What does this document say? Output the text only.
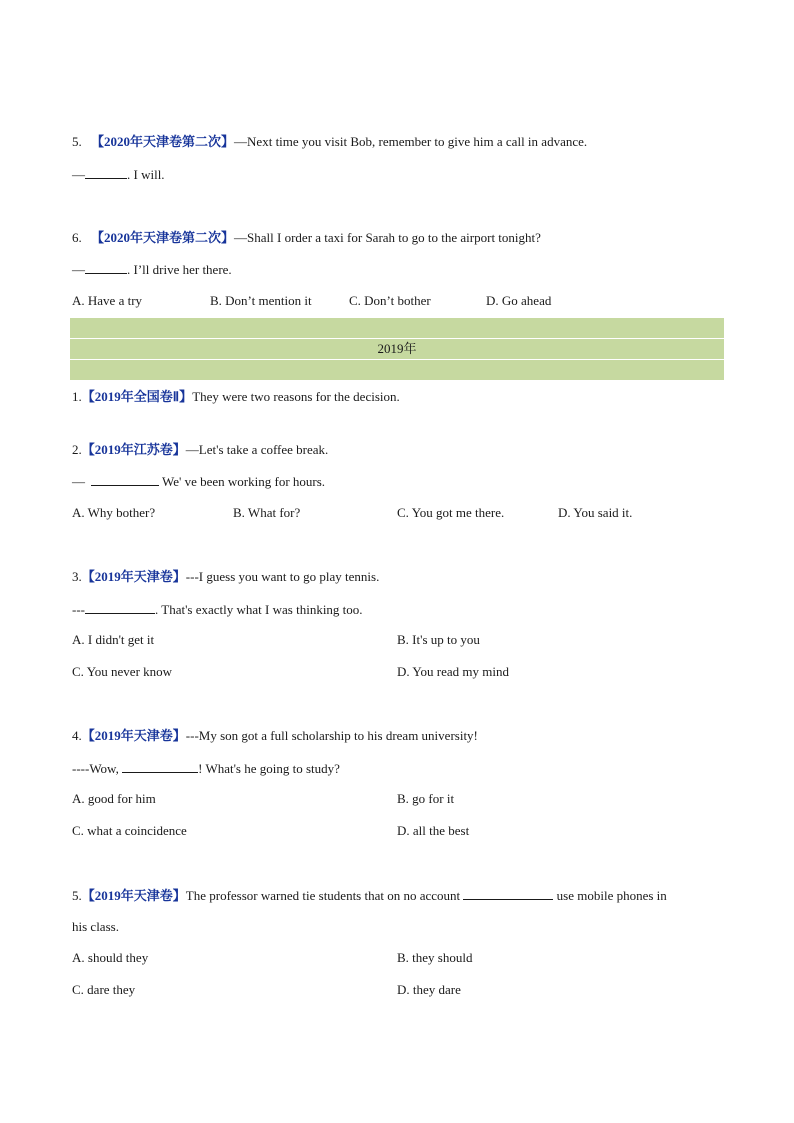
5. 【2020年天津卷第二次】—Next time you visit Bob, remember to give him a call in advance.
—	. I will.
6. 【2020年天津卷第二次】—Shall I order a taxi for Sarah to go to the airport tonight?
—	. I’ll drive her there.
A. Have a try	B. Don’t mention it	C. Don’t bother	D. Go ahead
2019年
1.【2019年全国卷Ⅱ】They were two reasons for the decision.
2.【2019年江苏卷】—Let's take a coffee break.
—	We' ve been working for hours.
A. Why bother?	B. What for?	C. You got me there.	D. You said it.
3.【2019年天津卷】---I guess you want to go play tennis.
---	. That's exactly what I was thinking too.
A. I didn't get it	B. It's up to you
C. You never know	D. You read my mind
4.【2019年天津卷】---My son got a full scholarship to his dream university!
----Wow,	! What's he going to study?
A. good for him	B. go for it
C. what a coincidence	D. all the best
5.【2019年天津卷】The professor warned tie students that on no account	use mobile phones in
his class.
A. should they	B. they should
C. dare they	D. they dare
